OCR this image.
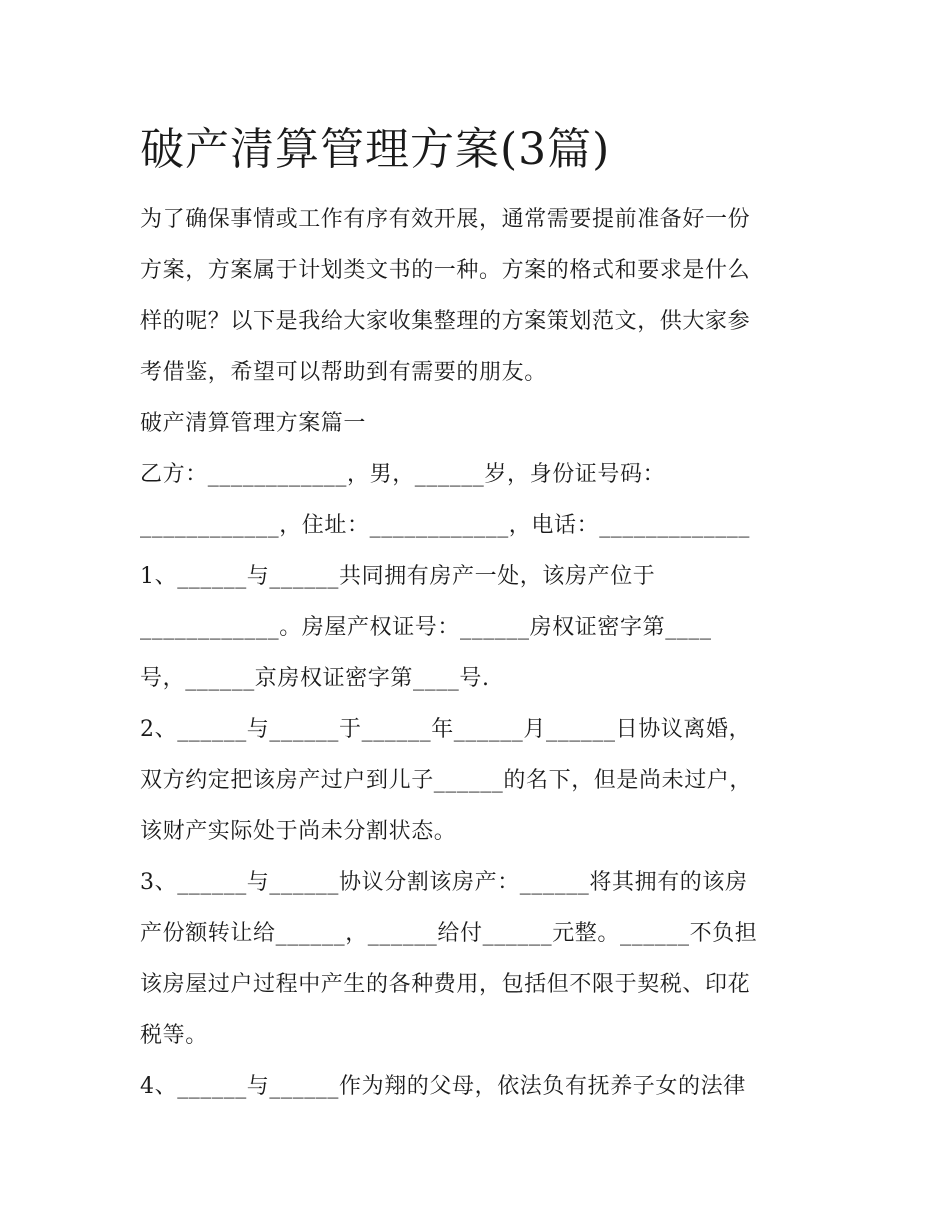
破产清算管理方案(3篇)
为了确保事情或工作有序有效开展，通常需要提前准备好一份
方案，方案属于计划类文书的一种。方案的格式和要求是什么
样的呢？以下是我给大家收集整理的方案策划范文，供大家参
考借鉴，希望可以帮助到有需要的朋友。
破产清算管理方案篇一
乙方：____________，男，______岁，身份证号码：
____________，住址：____________，电话：_____________
1、______与______共同拥有房产一处，该房产位于
____________。房屋产权证号：______房权证密字第____
号，______京房权证密字第____号.
2、______与______于______年______月______日协议离婚，
双方约定把该房产过户到儿子______的名下，但是尚未过户，
该财产实际处于尚未分割状态。
3、______与______协议分割该房产：______将其拥有的该房
产份额转让给______，______给付______元整。______不负担
该房屋过户过程中产生的各种费用，包括但不限于契税、印花
税等。
4、______与______作为翔的父母，依法负有抚养子女的法律
